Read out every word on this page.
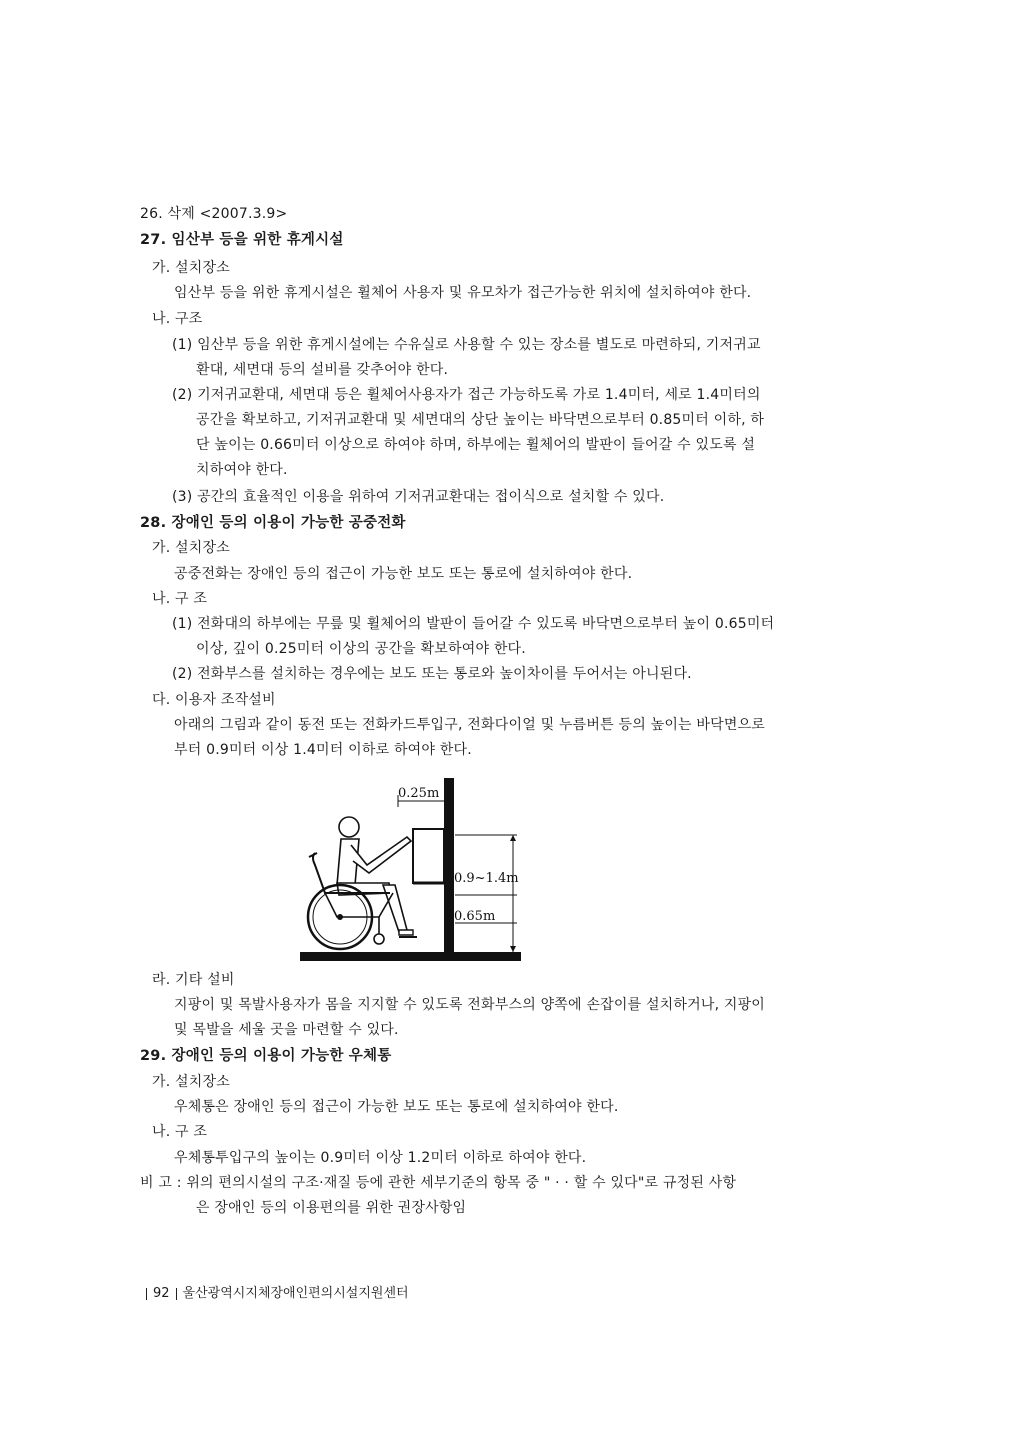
26. 삭제 <2007.3.9>
27. 임산부 등을 위한 휴게시설
가. 설치장소
임산부 등을 위한 휴게시설은 휠체어 사용자 및 유모차가 접근가능한 위치에 설치하여야 한다.
나. 구조
(1) 임산부 등을 위한 휴게시설에는 수유실로 사용할 수 있는 장소를 별도로 마련하되, 기저귀교
환대, 세면대 등의 설비를 갖추어야 한다.
(2) 기저귀교환대, 세면대 등은 휠체어사용자가 접근 가능하도록 가로 1.4미터, 세로 1.4미터의
공간을 확보하고, 기저귀교환대 및 세면대의 상단 높이는 바닥면으로부터 0.85미터 이하, 하
단 높이는 0.66미터 이상으로 하여야 하며, 하부에는 휠체어의 발판이 들어갈 수 있도록 설
치하여야 한다.
(3) 공간의 효율적인 이용을 위하여 기저귀교환대는 접이식으로 설치할 수 있다.
28. 장애인 등의 이용이 가능한 공중전화
가. 설치장소
공중전화는 장애인 등의 접근이 가능한 보도 또는 통로에 설치하여야 한다.
나. 구 조
(1) 전화대의 하부에는 무릎 및 휠체어의 발판이 들어갈 수 있도록 바닥면으로부터 높이 0.65미터
이상, 깊이 0.25미터 이상의 공간을 확보하여야 한다.
(2) 전화부스를 설치하는 경우에는 보도 또는 통로와 높이차이를 두어서는 아니된다.
다. 이용자 조작설비
아래의 그림과 같이 동전 또는 전화카드투입구, 전화다이얼 및 누름버튼 등의 높이는 바닥면으로
부터 0.9미터 이상 1.4미터 이하로 하여야 한다.
0.25m
0.9~1.4m
0.65m
라. 기타 설비
지팡이 및 목발사용자가 몸을 지지할 수 있도록 전화부스의 양쪽에 손잡이를 설치하거나, 지팡이
및 목발을 세울 곳을 마련할 수 있다.
29. 장애인 등의 이용이 가능한 우체통
가. 설치장소
우체통은 장애인 등의 접근이 가능한 보도 또는 통로에 설치하여야 한다.
나. 구 조
우체통투입구의 높이는 0.9미터 이상 1.2미터 이하로 하여야 한다.
비 고 : 위의 편의시설의 구조·재질 등에 관한 세부기준의 항목 중 " · · 할 수 있다"로 규정된 사항
은 장애인 등의 이용편의를 위한 권장사항임
92 울산광역시지체장애인편의시설지원센터
